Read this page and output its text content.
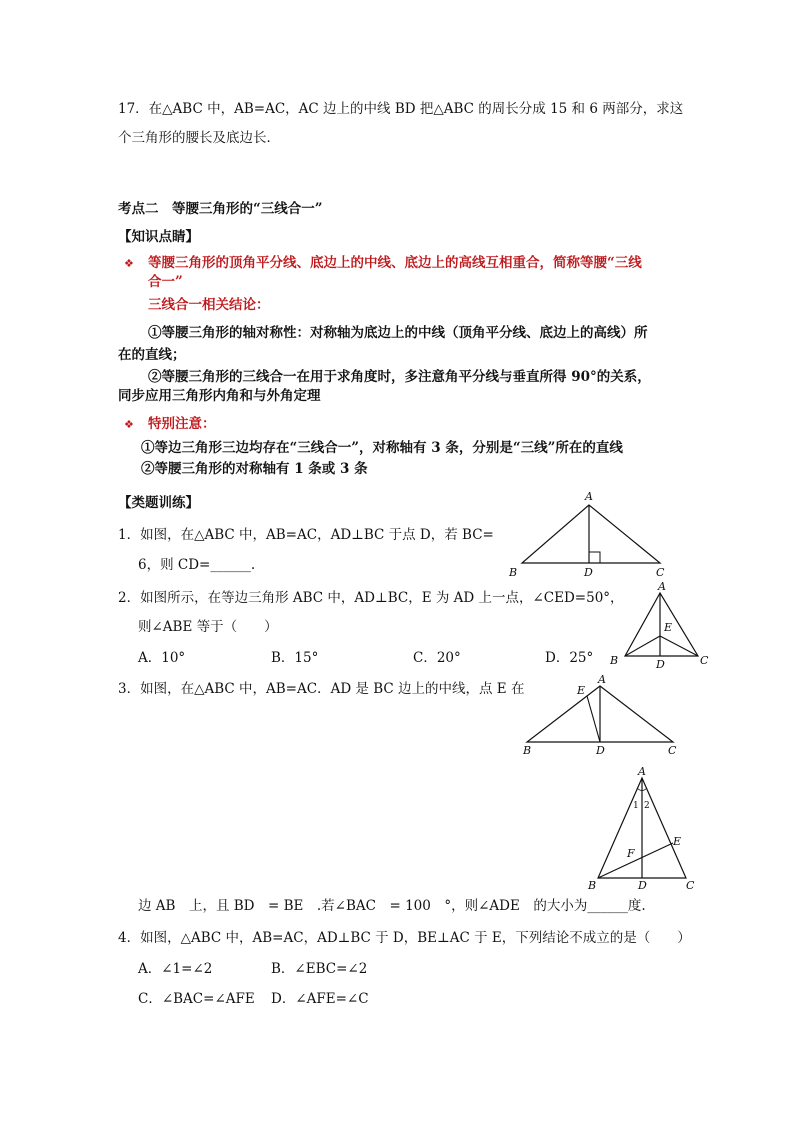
17．在△ABC 中，AB=AC，AC 边上的中线 BD 把△ABC 的周长分成 15 和 6 两部分，求这
个三角形的腰长及底边长．
考点二　等腰三角形的“三线合一”
【知识点睛】
❖ 等腰三角形的顶角平分线、底边上的中线、底边上的高线互相重合，简称等腰“三线
合一”
三线合一相关结论：
①等腰三角形的轴对称性：对称轴为底边上的中线（顶角平分线、底边上的高线）所
在的直线；
②等腰三角形的三线合一在用于求角度时，多注意角平分线与垂直所得 90°的关系，
同步应用三角形内角和与外角定理
❖ 特别注意：
①等边三角形三边均存在“三线合一”，对称轴有 3 条，分别是“三线”所在的直线
②等腰三角形的对称轴有 1 条或 3 条
【类题训练】
1．如图，在△ABC 中，AB=AC，AD⊥BC 于点 D，若 BC=
6，则 CD=______.
2．如图所示，在等边三角形 ABC 中，AD⊥BC，E 为 AD 上一点，∠CED=50°，
则∠ABE 等于（　　）
A．10°	B．15°	C．20°	D．25°
3．如图，在△ABC 中，AB=AC．AD 是 BC 边上的中线，点 E 在
边 AB　上，且 BD　= BE　.若∠BAC　= 100　°，则∠ADE　的大小为______度.
4．如图，△ABC 中，AB=AC，AD⊥BC 于 D，BE⊥AC 于 E，下列结论不成立的是（　　）
A．∠1=∠2	B．∠EBC=∠2
C．∠BAC=∠AFE D．∠AFE=∠C
A
B	D	C
A
E
B	D	C
A
E
B	D	C
A
1 2
E
F
B	D	C
